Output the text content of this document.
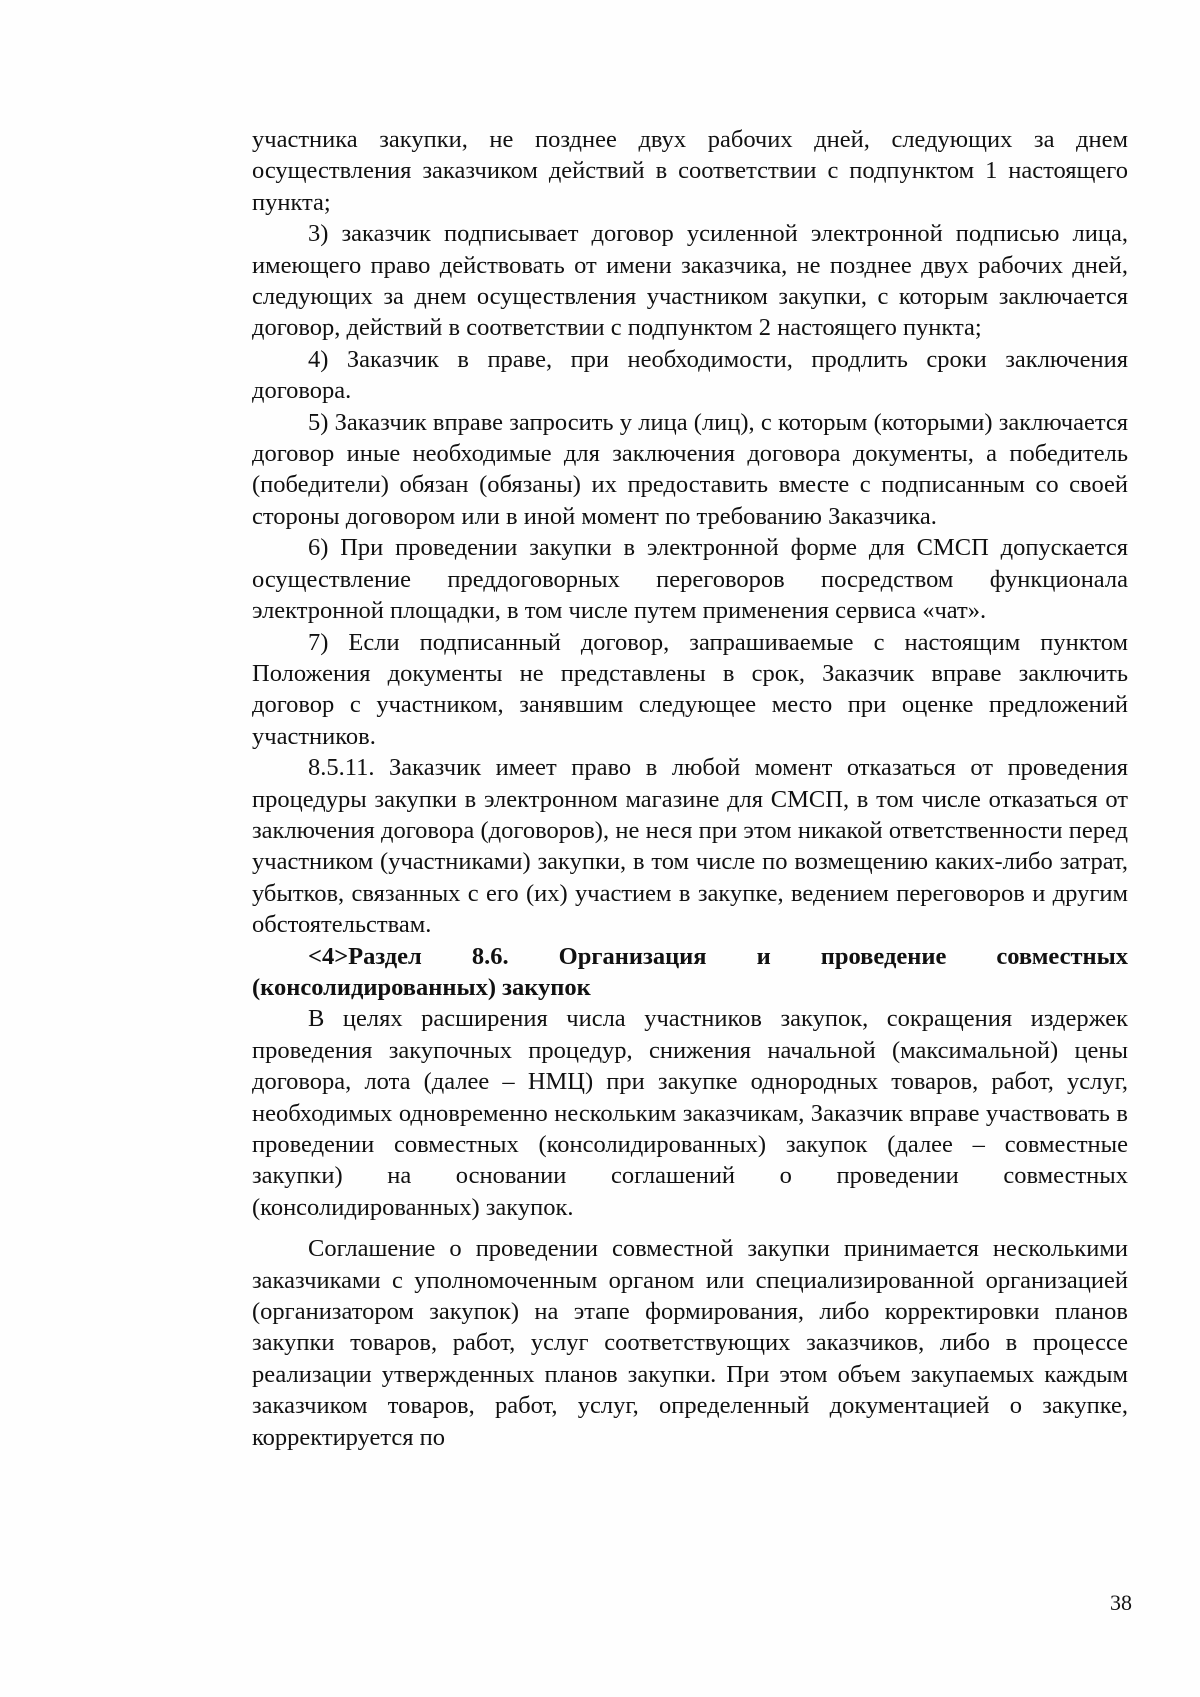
участника закупки, не позднее двух рабочих дней, следующих за днем осуществления заказчиком действий в соответствии с подпунктом 1 настоящего пункта;

3) заказчик подписывает договор усиленной электронной подписью лица, имеющего право действовать от имени заказчика, не позднее двух рабочих дней, следующих за днем осуществления участником закупки, с которым заключается договор, действий в соответствии с подпунктом 2 настоящего пункта;

4) Заказчик в праве, при необходимости, продлить сроки заключения договора.

5) Заказчик вправе запросить у лица (лиц), с которым (которыми) заключается договор иные необходимые для заключения договора документы, а победитель (победители) обязан (обязаны) их предоставить вместе с подписанным со своей стороны договором или в иной момент по требованию Заказчика.

6) При проведении закупки в электронной форме для СМСП допускается осуществление преддоговорных переговоров посредством функционала электронной площадки, в том числе путем применения сервиса «чат».

7) Если подписанный договор, запрашиваемые с настоящим пунктом Положения документы не представлены в срок, Заказчик вправе заключить договор с участником, занявшим следующее место при оценке предложений участников.

8.5.11. Заказчик имеет право в любой момент отказаться от проведения процедуры закупки в электронном магазине для СМСП, в том числе отказаться от заключения договора (договоров), не неся при этом никакой ответственности перед участником (участниками) закупки, в том числе по возмещению каких-либо затрат, убытков, связанных с его (их) участием в закупке, ведением переговоров и другим обстоятельствам.

<4>Раздел 8.6. Организация и проведение совместных (консолидированных) закупок

В целях расширения числа участников закупок, сокращения издержек проведения закупочных процедур, снижения начальной (максимальной) цены договора, лота (далее – НМЦ) при закупке однородных товаров, работ, услуг, необходимых одновременно нескольким заказчикам, Заказчик вправе участвовать в проведении совместных (консолидированных) закупок (далее – совместные закупки) на основании соглашений о проведении совместных (консолидированных) закупок.

Соглашение о проведении совместной закупки принимается несколькими заказчиками с уполномоченным органом или специализированной организацией (организатором закупок) на этапе формирования, либо корректировки планов закупки товаров, работ, услуг соответствующих заказчиков, либо в процессе реализации утвержденных планов закупки. При этом объем закупаемых каждым заказчиком товаров, работ, услуг, определенный документацией о закупке, корректируется по

38
